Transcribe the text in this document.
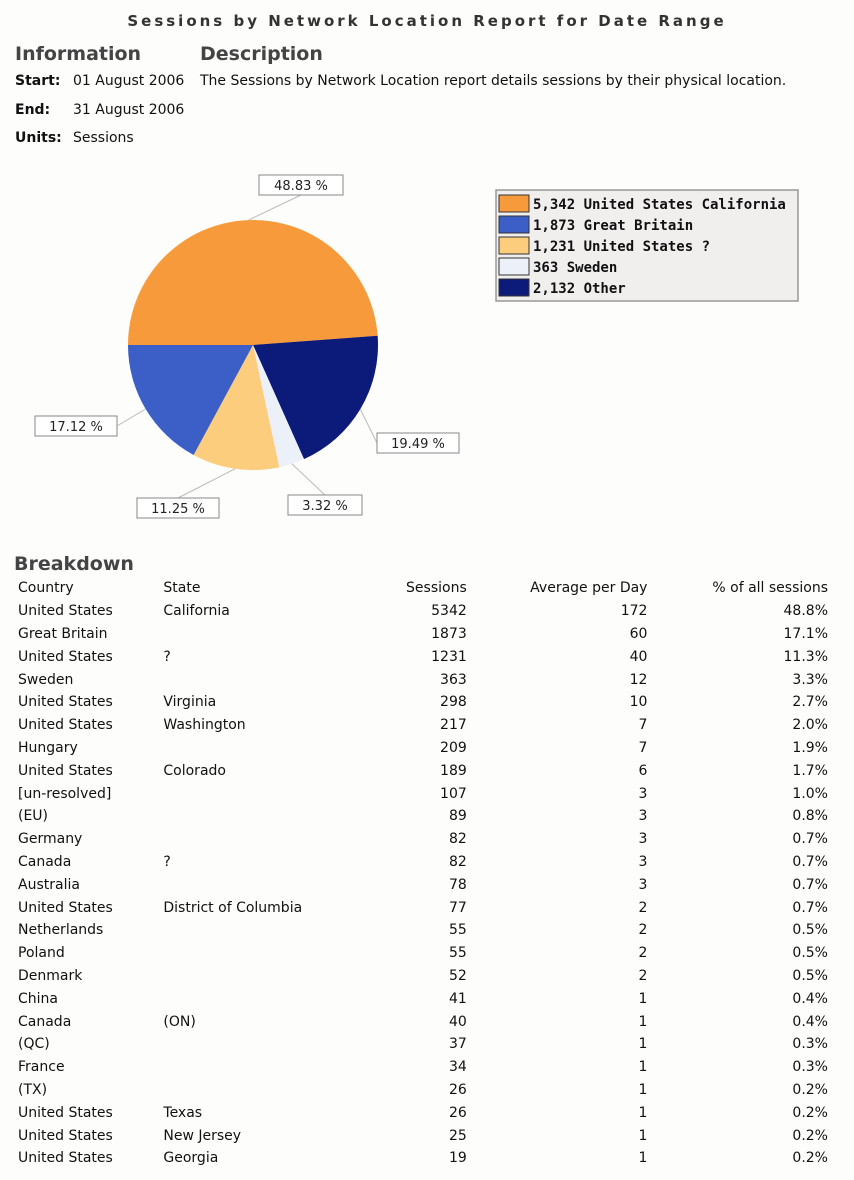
Sessions by Network Location Report for Date Range
Information	Description
Start: 01 August 2006 The Sessions by Network Location report details sessions by their physical location.
End: 31 August 2006
Units: Sessions
48.83 %
19.49 %
3.32 %
11.25 %
17.12 %
5,342 United States California
1,873 Great Britain
1,231 United States ?
363 Sweden
2,132 Other
Breakdown
Country	State	Sessions	Average per Day	% of all sessions
United States	California	5342	172	48.8%
Great Britain		1873	60	17.1%
United States	?	1231	40	11.3%
Sweden		363	12	3.3%
United States	Virginia	298	10	2.7%
United States	Washington	217	7	2.0%
Hungary		209	7	1.9%
United States	Colorado	189	6	1.7%
[un-resolved]		107	3	1.0%
(EU)		89	3	0.8%
Germany		82	3	0.7%
Canada	?	82	3	0.7%
Australia		78	3	0.7%
United States	District of Columbia	77	2	0.7%
Netherlands		55	2	0.5%
Poland		55	2	0.5%
Denmark		52	2	0.5%
China		41	1	0.4%
Canada	(ON)	40	1	0.4%
(QC)		37	1	0.3%
France		34	1	0.3%
(TX)		26	1	0.2%
United States	Texas	26	1	0.2%
United States	New Jersey	25	1	0.2%
United States	Georgia	19	1	0.2%
